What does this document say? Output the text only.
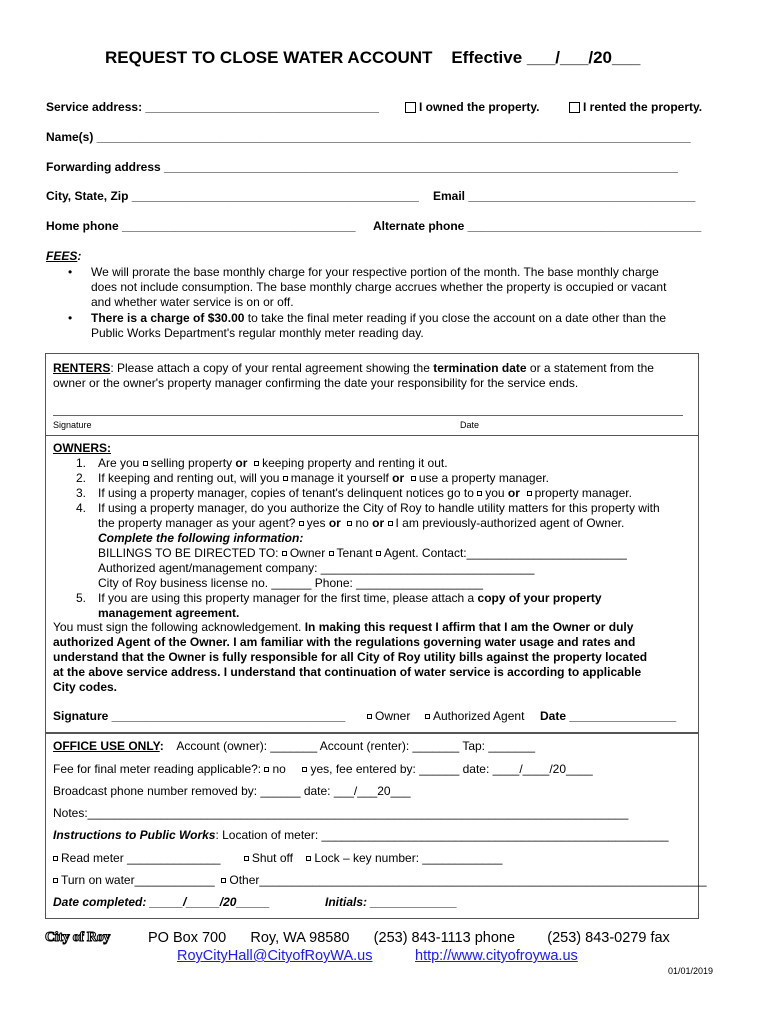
REQUEST TO CLOSE WATER ACCOUNT Effective ___/___/20___
Service address: ___________________________________	I owned the property.	I rented the property.
Name(s) _________________________________________________________________________________________
Forwarding address _____________________________________________________________________________
City, State, Zip ___________________________________________ Email __________________________________
Home phone ___________________________________ Alternate phone ___________________________________
FEES:
• We will prorate the base monthly charge for your respective portion of the month. The base monthly charge
does not include consumption. The base monthly charge accrues whether the property is occupied or vacant
and whether water service is on or off.
• There is a charge of $30.00 to take the final meter reading if you close the account on a date other than the
Public Works Department's regular monthly meter reading day.
RENTERS: Please attach a copy of your rental agreement showing the termination date or a statement from the
owner or the owner's property manager confirming the date your responsibility for the service ends.
Signature	Date
OWNERS:
1. Are you selling property or keeping property and renting it out.
2. If keeping and renting out, will you manage it yourself or use a property manager.
3. If using a property manager, copies of tenant's delinquent notices go to you or property manager.
4. If using a property manager, do you authorize the City of Roy to handle utility matters for this property with
the property manager as your agent? yes or no or I am previously-authorized agent of Owner.
Complete the following information:
BILLINGS TO BE DIRECTED TO: Owner Tenant Agent. Contact:________________________
Authorized agent/management company: ________________________________
City of Roy business license no. ______ Phone: ___________________
5. If you are using this property manager for the first time, please attach a copy of your property
management agreement.
You must sign the following acknowledgement. In making this request I affirm that I am the Owner or duly
authorized Agent of the Owner. I am familiar with the regulations governing water usage and rates and
understand that the Owner is fully responsible for all City of Roy utility bills against the property located
at the above service address. I understand that continuation of water service is according to applicable
City codes.
Signature ___________________________________	Owner	Authorized Agent Date ________________
OFFICE USE ONLY: Account (owner): _______ Account (renter): _______ Tap: _______
Fee for final meter reading applicable?: no yes, fee entered by: ______ date: ____/____/20____
Broadcast phone number removed by: ______ date: ___/___20___
Notes:_________________________________________________________________________________
Instructions to Public Works: Location of meter: ____________________________________________________
Read meter ______________	Shut off Lock – key number: ____________
Turn on water____________ Other___________________________________________________________________
Date completed: _____/_____/20_____	Initials: _____________
City of Roy	PO Box 700 Roy, WA 98580 (253) 843-1113 phone (253) 843-0279 fax
RoyCityHall@CityofRoyWA.us	http://www.cityofroywa.us
01/01/2019
